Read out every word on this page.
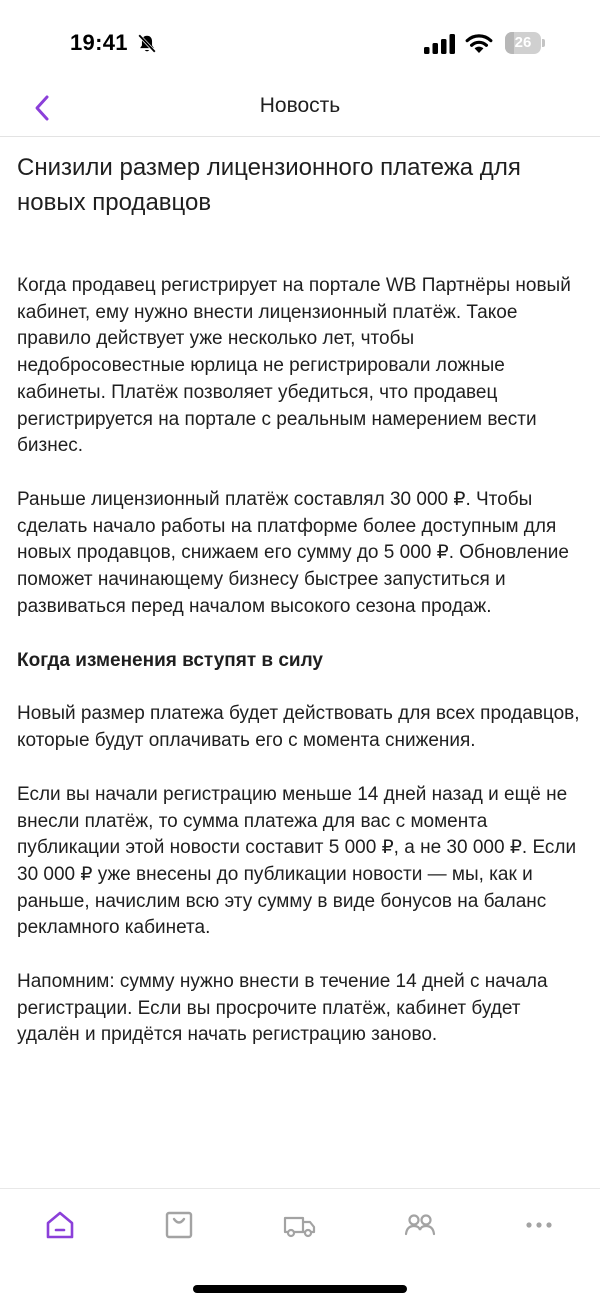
19:41	26
Новость
Снизили размер лицензионного платежа для новых продавцов

Когда продавец регистрирует на портале WB Партнёры новый кабинет, ему нужно внести лицензионный платёж. Такое правило действует уже несколько лет, чтобы недобросовестные юрлица не регистрировали ложные кабинеты. Платёж позволяет убедиться, что продавец регистрируется на портале с реальным намерением вести бизнес.

Раньше лицензионный платёж составлял 30 000 ₽. Чтобы сделать начало работы на платформе более доступным для новых продавцов, снижаем его сумму до 5 000 ₽. Обновление поможет начинающему бизнесу быстрее запуститься и развиваться перед началом высокого сезона продаж.

Когда изменения вступят в силу

Новый размер платежа будет действовать для всех продавцов, которые будут оплачивать его с момента снижения.

Если вы начали регистрацию меньше 14 дней назад и ещё не внесли платёж, то сумма платежа для вас с момента публикации этой новости составит 5 000 ₽, а не 30 000 ₽. Если 30 000 ₽ уже внесены до публикации новости — мы, как и раньше, начислим всю эту сумму в виде бонусов на баланс рекламного кабинета.

Напомним: сумму нужно внести в течение 14 дней с начала регистрации. Если вы просрочите платёж, кабинет будет удалён и придётся начать регистрацию заново.
